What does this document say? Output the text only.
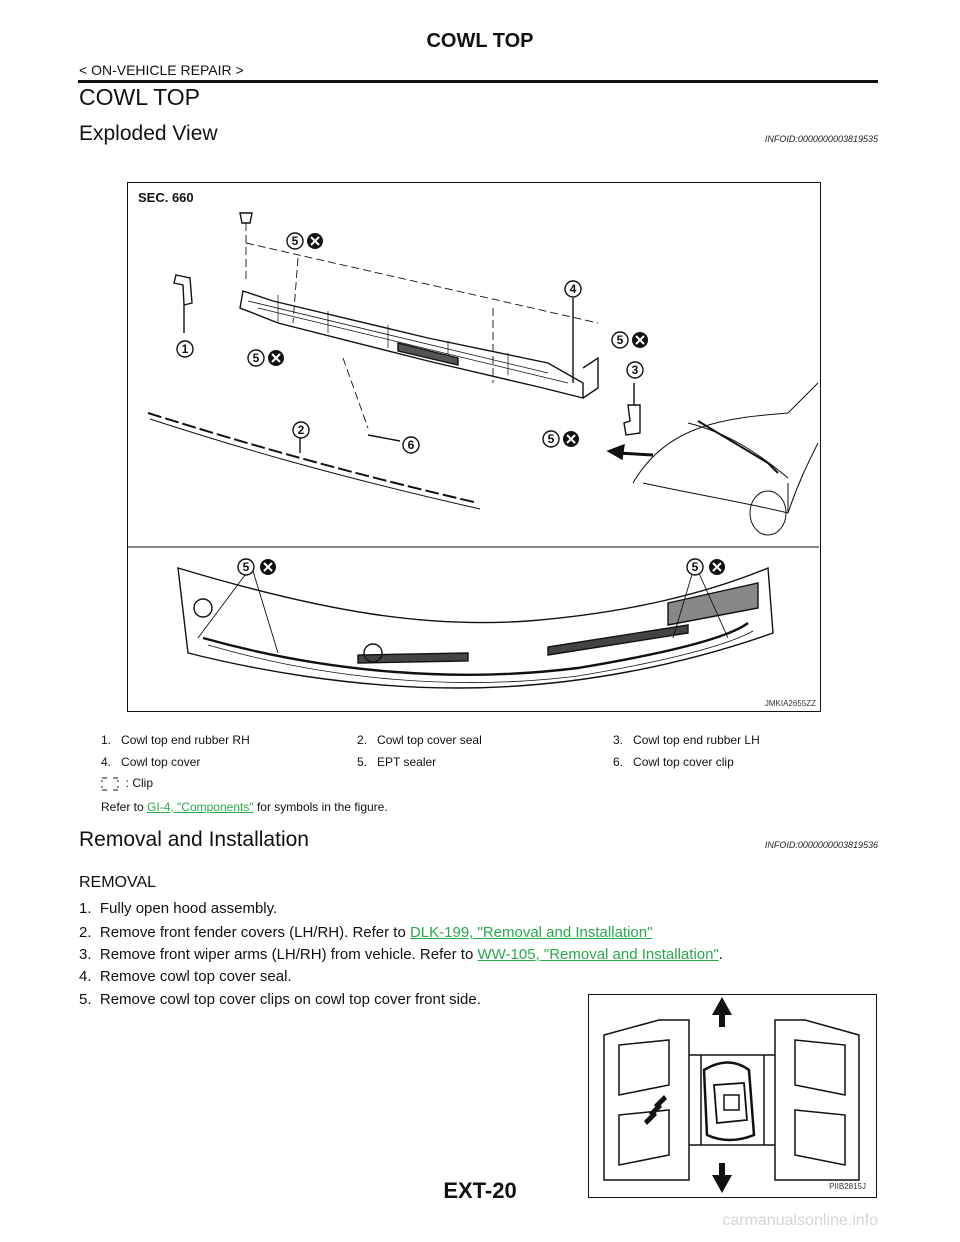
COWL TOP
< ON-VEHICLE REPAIR >
COWL TOP
Exploded View	INFOID:0000000003819535
SEC. 660
1
2
3
4
5
5
5
5
5	5
6
JMKIA2655ZZ
1. Cowl top end rubber RH	2. Cowl top cover seal	3. Cowl top end rubber LH
4. Cowl top cover	5. EPT sealer	6. Cowl top cover clip
: Clip
Refer to GI-4, "Components" for symbols in the figure.
Removal and Installation	INFOID:0000000003819536
REMOVAL
1. Fully open hood assembly.
2. Remove front fender covers (LH/RH). Refer to DLK-199, "Removal and Installation"
3. Remove front wiper arms (LH/RH) from vehicle. Refer to WW-105, "Removal and Installation".
4. Remove cowl top cover seal.
5. Remove cowl top cover clips on cowl top cover front side.
PIIB2815J
EXT-20
carmanualsonline.info
